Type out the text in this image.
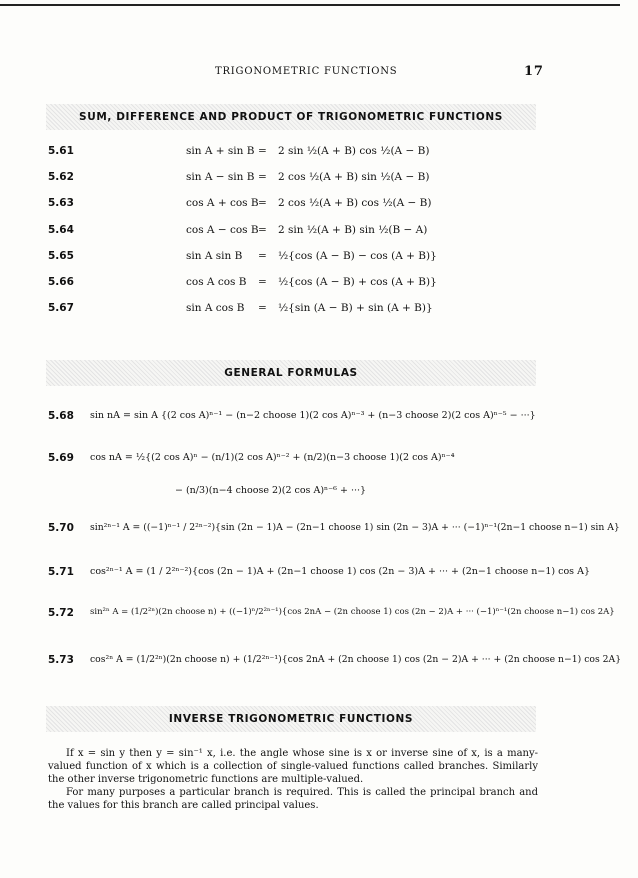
TRIGONOMETRIC FUNCTIONS	17
SUM, DIFFERENCE AND PRODUCT OF TRIGONOMETRIC FUNCTIONS
5.61	sin A + sin B = 2 sin ½(A + B) cos ½(A − B)
5.62	sin A − sin B = 2 cos ½(A + B) sin ½(A − B)
5.63	cos A + cos B = 2 cos ½(A + B) cos ½(A − B)
5.64	cos A − cos B = 2 sin ½(A + B) sin ½(B − A)
5.65	sin A sin B = ½{cos (A − B) − cos (A + B)}
5.66	cos A cos B = ½{cos (A − B) + cos (A + B)}
5.67	sin A cos B = ½{sin (A − B) + sin (A + B)}
GENERAL FORMULAS
5.68 sin nA = sin A {(2 cos A)ⁿ⁻¹ − (n−2 choose 1)(2 cos A)ⁿ⁻³ + (n−3 choose 2)(2 cos A)ⁿ⁻⁵ − ···}
5.69 cos nA = ½{(2 cos A)ⁿ − (n/1)(2 cos A)ⁿ⁻² + (n/2)(n−3 choose 1)(2 cos A)ⁿ⁻⁴
− (n/3)(n−4 choose 2)(2 cos A)ⁿ⁻⁶ + ···}
5.70 sin²ⁿ⁻¹ A = ((−1)ⁿ⁻¹ / 2²ⁿ⁻²){sin (2n − 1)A − (2n−1 choose 1) sin (2n − 3)A + ··· (−1)ⁿ⁻¹(2n−1 choose n−1) sin A}
5.71 cos²ⁿ⁻¹ A = (1 / 2²ⁿ⁻²){cos (2n − 1)A + (2n−1 choose 1) cos (2n − 3)A + ··· + (2n−1 choose n−1) cos A}
5.72 sin²ⁿ A = (1/2²ⁿ)(2n choose n) + ((−1)ⁿ/2²ⁿ⁻¹){cos 2nA − (2n choose 1) cos (2n − 2)A + ··· (−1)ⁿ⁻¹(2n choose n−1) cos 2A}
5.73 cos²ⁿ A = (1/2²ⁿ)(2n choose n) + (1/2²ⁿ⁻¹){cos 2nA + (2n choose 1) cos (2n − 2)A + ··· + (2n choose n−1) cos 2A}
INVERSE TRIGONOMETRIC FUNCTIONS

If x = sin y then y = sin⁻¹ x, i.e. the angle whose sine is x or inverse sine of x, is a many-valued function of x which is a collection of single-valued functions called branches. Similarly the other inverse trigonometric functions are multiple-valued.

For many purposes a particular branch is required. This is called the principal branch and the values for this branch are called principal values.
